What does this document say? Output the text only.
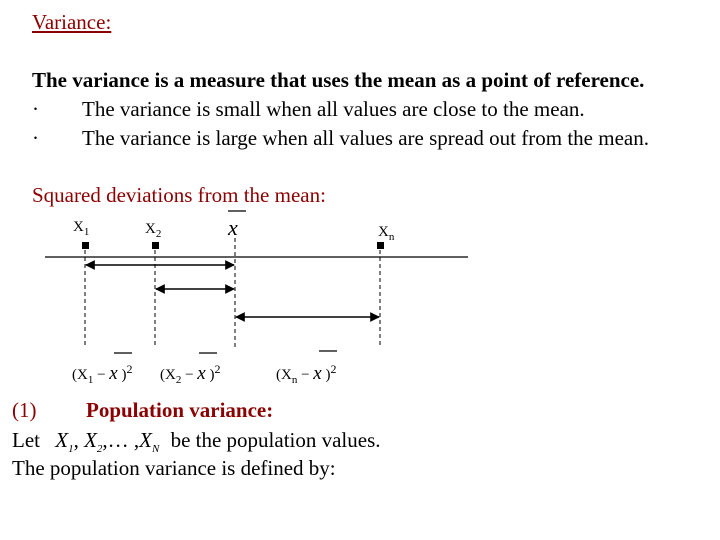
Variance:
The variance is a measure that uses the mean as a point of reference.
· The variance is small when all values are close to the mean.
· The variance is large when all values are spread out from the mean.
Squared deviations from the mean:
$X_1$	$X_2$	x	$X_n$
($X_1 - x$ )$^2$ ($X_2 - x$ )$^2$	($X_n - x$ )$^2$
(1) Population variance:
Let $X_1$, $X_2,\dots$ $,X_N$ be the population values.
The population variance is defined by:
